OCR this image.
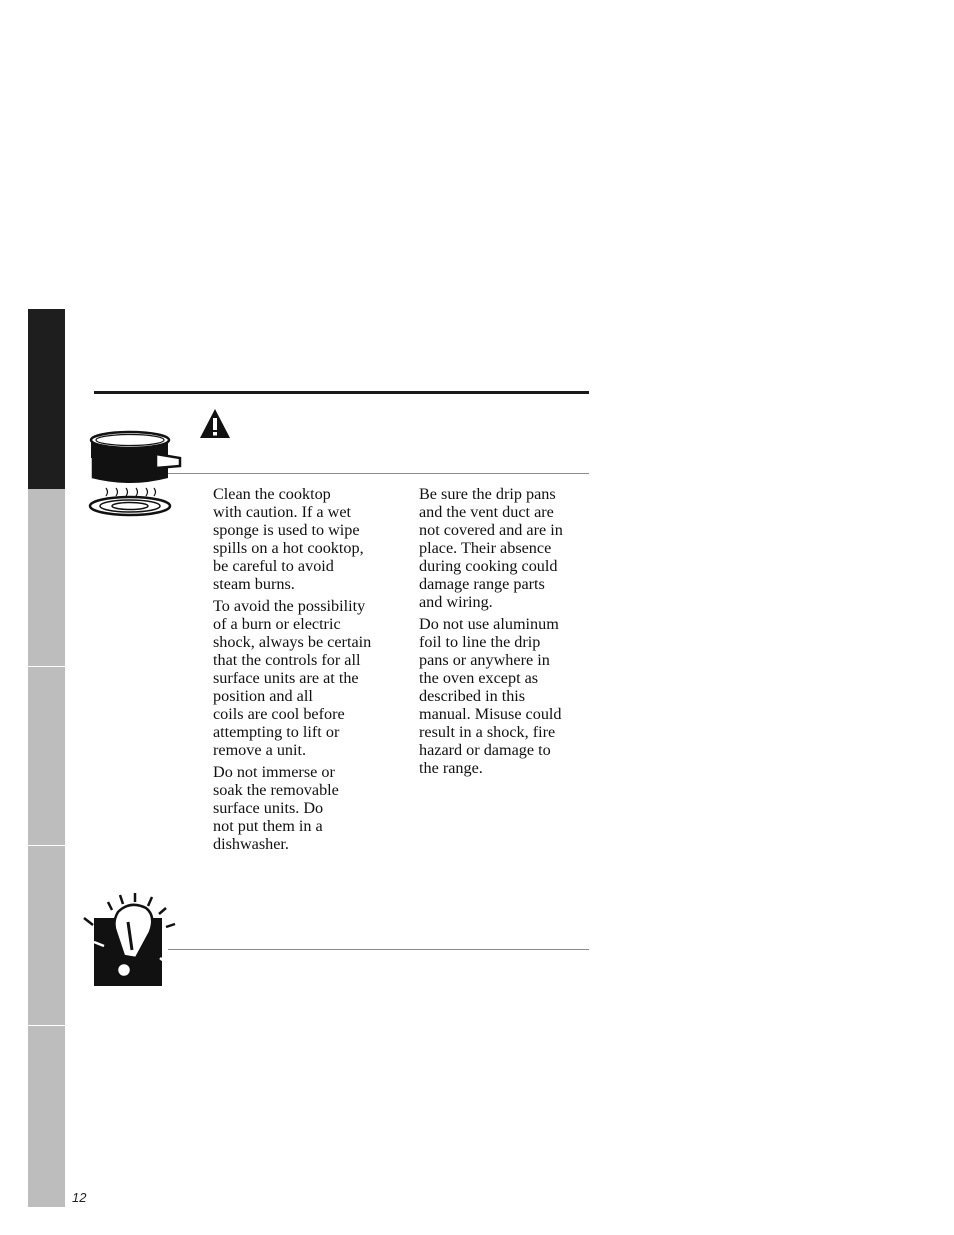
Clean the cooktop
with caution. If a wet
sponge is used to wipe
spills on a hot cooktop,
be careful to avoid
steam burns.

To avoid the possibility
of a burn or electric
shock, always be certain
that the controls for all
surface units are at the
position and all
coils are cool before
attempting to lift or
remove a unit.

Do not immerse or
soak the removable
surface units. Do
not put them in a
dishwasher.

Be sure the drip pans
and the vent duct are
not covered and are in
place. Their absence
during cooking could
damage range parts
and wiring.

Do not use aluminum
foil to line the drip
pans or anywhere in
the oven except as
described in this
manual. Misuse could
result in a shock, fire
hazard or damage to
the range.

12
